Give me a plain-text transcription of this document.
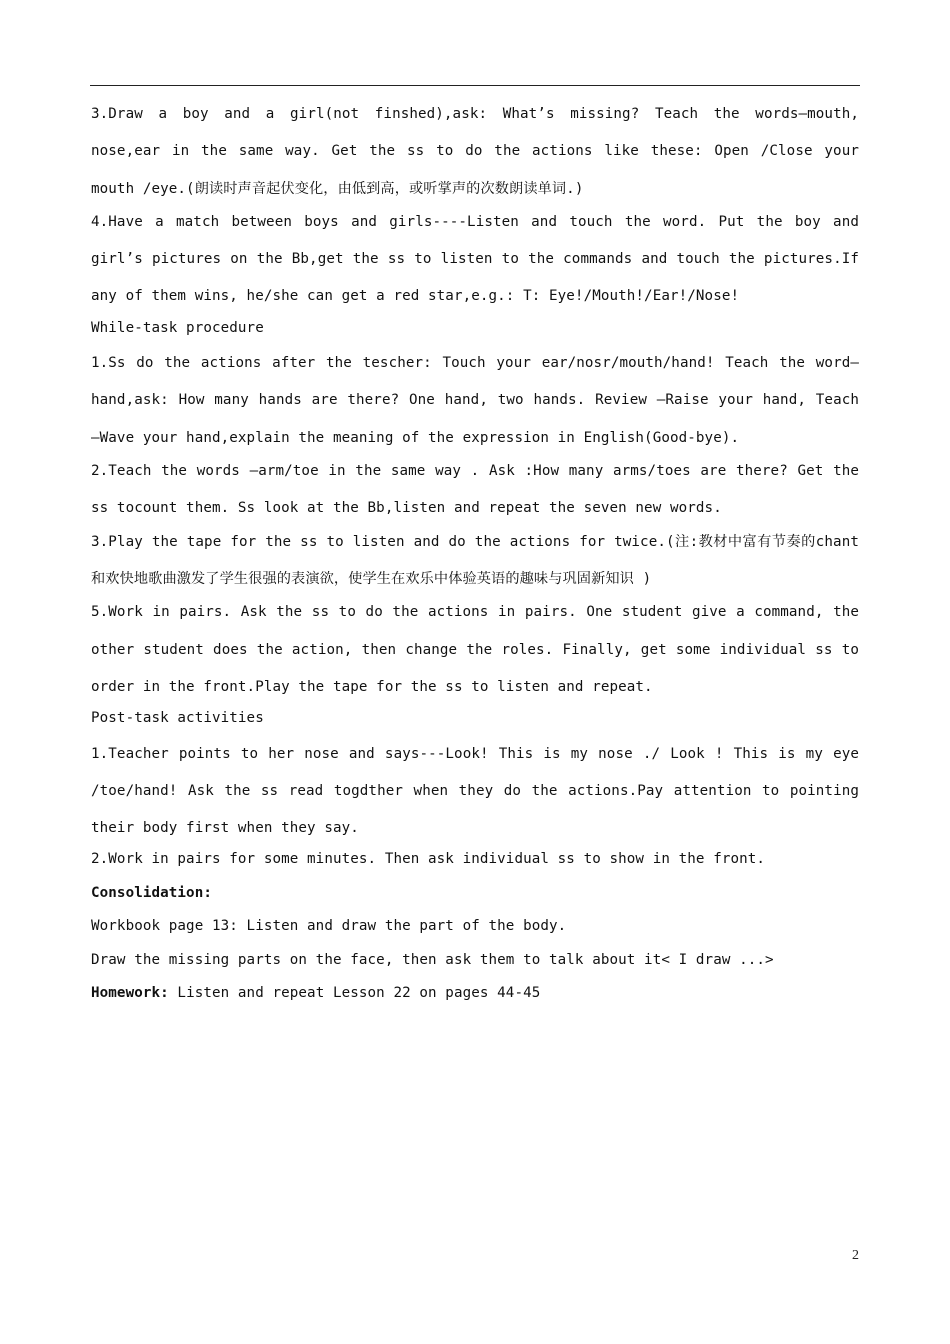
3.Draw a boy and a girl(not finshed),ask: What’s missing? Teach the words—mouth, nose,ear in the same way. Get the ss to do the actions like these: Open /Close your mouth /eye.(朗读时声音起伏变化，由低到高，或听掌声的次数朗读单词.)

4.Have a match between boys and girls----Listen and touch the word. Put the boy and girl’s pictures on the Bb,get the ss to listen to the commands and touch the pictures.If any of them wins, he/she can get a red star,e.g.: T: Eye!/Mouth!/Ear!/Nose!

While-task procedure

1.Ss do the actions after the tescher: Touch your ear/nosr/mouth/hand! Teach the word—hand,ask: How many hands are there? One hand, two hands. Review –Raise your hand, Teach –Wave your hand,explain the meaning of the expression in English(Good-bye).

2.Teach the words –arm/toe in the same way . Ask :How many arms/toes are there? Get the ss tocount them. Ss look at the Bb,listen and repeat the seven new words.

3.Play the tape for the ss to listen and do the actions for twice.(注:教材中富有节奏的chant和欢快地歌曲激发了学生很强的表演欲，使学生在欢乐中体验英语的趣味与巩固新知识 )

5.Work in pairs. Ask the ss to do the actions in pairs. One student give a command, the other student does the action, then change the roles. Finally, get some individual ss to order in the front.Play the tape for the ss to listen and repeat.

Post-task activities

1.Teacher points to her nose and says---Look! This is my nose ./ Look ! This is my eye /toe/hand! Ask the ss read togdther when they do the actions.Pay attention to pointing their body first when they say.

2.Work in pairs for some minutes. Then ask individual ss to show in the front.

Consolidation:

Workbook page 13: Listen and draw the part of the body.

Draw the missing parts on the face, then ask them to talk about it< I draw ...>

Homework: Listen and repeat Lesson 22 on pages 44-45

2
